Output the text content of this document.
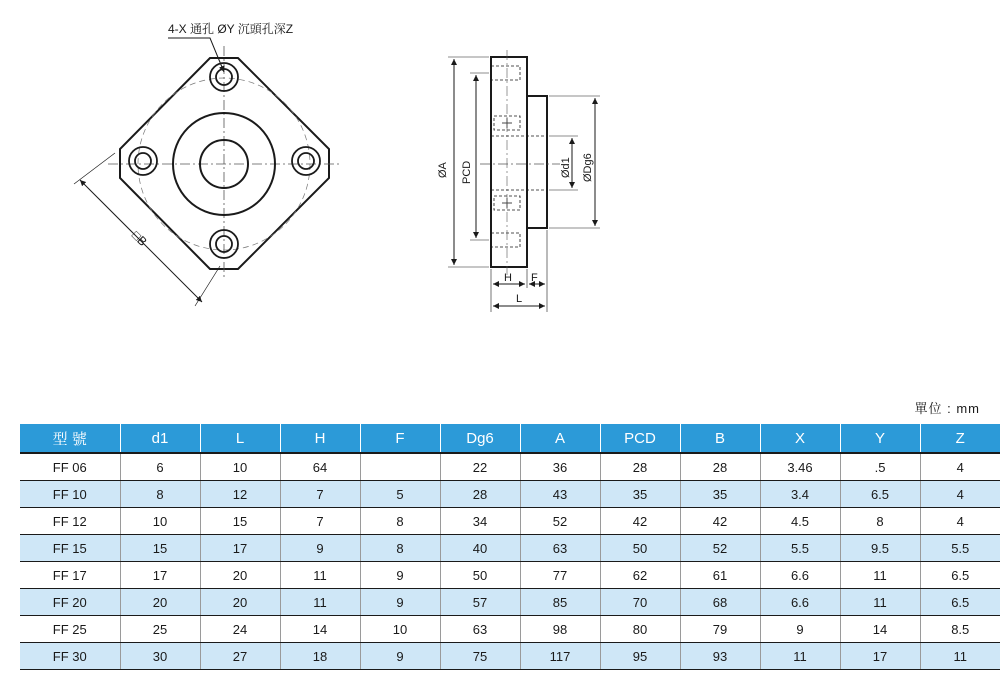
4-X 通孔 ØY 沉頭孔深Z
□B
ØA PCD	Ød1 ØDg6
H F
L
單位 : mm
型 號	d1	L	H	F	Dg6	A	PCD	B	X	Y	Z
FF 06	6	10	64		22	36	28	28	3.46	.5	4
FF 10	8	12	7	5	28	43	35	35	3.4	6.5	4
FF 12	10	15	7	8	34	52	42	42	4.5	8	4
FF 15	15	17	9	8	40	63	50	52	5.5	9.5	5.5
FF 17	17	20	11	9	50	77	62	61	6.6	11	6.5
FF 20	20	20	11	9	57	85	70	68	6.6	11	6.5
FF 25	25	24	14	10	63	98	80	79	9	14	8.5
FF 30	30	27	18	9	75	117	95	93	11	17	11
